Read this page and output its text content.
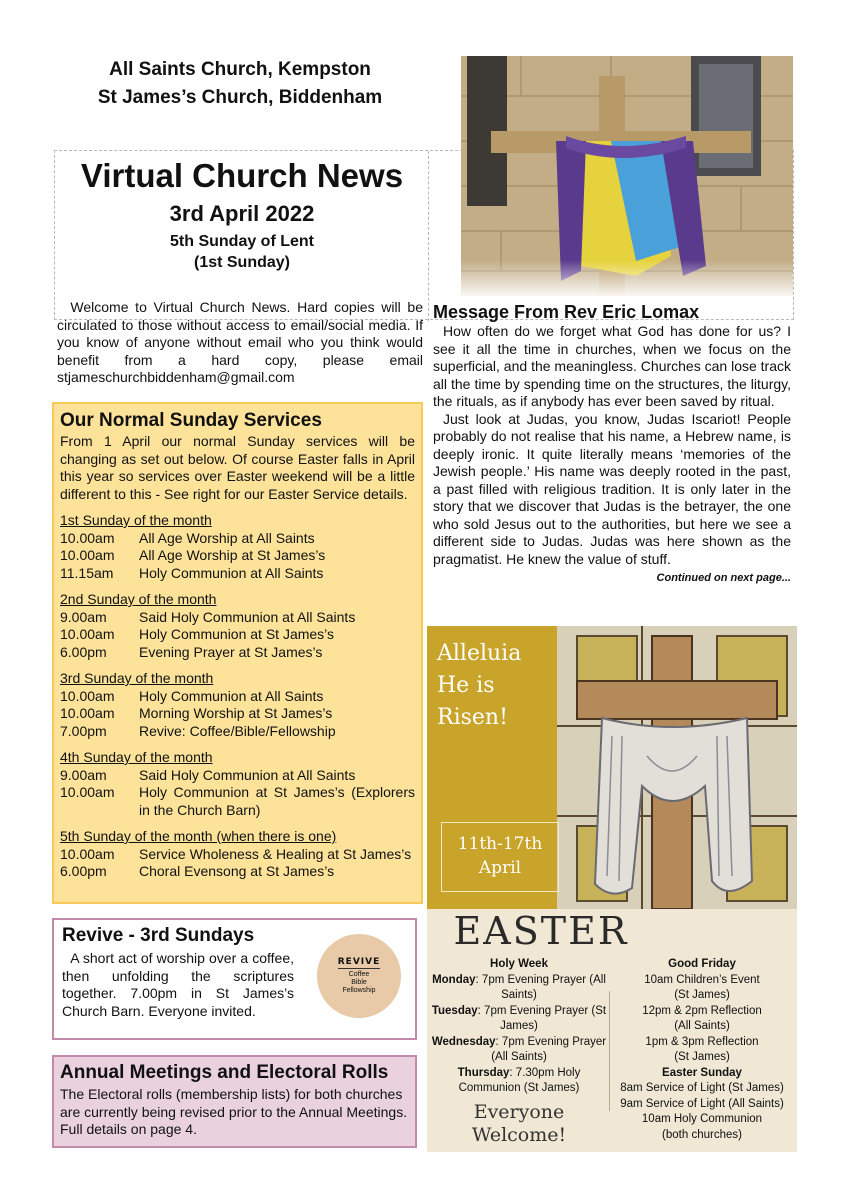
All Saints Church, Kempston
St James’s Church, Biddenham
Virtual Church News
3rd April 2022
5th Sunday of Lent
(1st Sunday)
Welcome to Virtual Church News. Hard copies will be circulated to those without access to email/social media. If you know of anyone without email who you think would benefit from a hard copy, please email stjameschurchbiddenham@gmail.com
Our Normal Sunday Services
From 1 April our normal Sunday services will be changing as set out below. Of course Easter falls in April this year so services over Easter weekend will be a little different to this - See right for our Easter Service details.
1st Sunday of the month
10.00am	All Age Worship at All Saints
10.00am	All Age Worship at St James’s
11.15am	Holy Communion at All Saints
2nd Sunday of the month
9.00am	Said Holy Communion at All Saints
10.00am	Holy Communion at St James’s
6.00pm	Evening Prayer at St James’s
3rd Sunday of the month
10.00am	Holy Communion at All Saints
10.00am	Morning Worship at St James’s
7.00pm	Revive: Coffee/Bible/Fellowship
4th Sunday of the month
9.00am	Said Holy Communion at All Saints
10.00am	Holy Communion at St James’s (Explorers in the Church Barn)
5th Sunday of the month (when there is one)
10.00am	Service Wholeness & Healing at St James’s
6.00pm	Choral Evensong at St James’s
Revive - 3rd Sundays
A short act of worship over a coffee, then unfolding the scriptures together. 7.00pm in St James’s Church Barn. Everyone invited.
REVIVE
Coffee
Bible
Fellowship
Annual Meetings and Electoral Rolls
The Electoral rolls (membership lists) for both churches are currently being revised prior to the Annual Meetings. Full details on page 4.
Message From Rev Eric Lomax

How often do we forget what God has done for us? I see it all the time in churches, when we focus on the superficial, and the meaningless. Churches can lose track all the time by spending time on the structures, the liturgy, the rituals, as if anybody has ever been saved by ritual.

Just look at Judas, you know, Judas Iscariot! People probably do not realise that his name, a Hebrew name, is deeply ironic. It quite literally means ‘memories of the Jewish people.’ His name was deeply rooted in the past, a past filled with religious tradition. It is only later in the story that we discover that Judas is the betrayer, the one who sold Jesus out to the authorities, but here we see a different side to Judas. Judas was here shown as the pragmatist. He knew the value of stuff.

Continued on next page...

Alleluia
He is
Risen!
11th-17th
April
EASTER
Holy Week
Monday: 7pm Evening Prayer (All Saints)
Tuesday: 7pm Evening Prayer (St James)
Wednesday: 7pm Evening Prayer (All Saints)
Thursday: 7.30pm Holy Communion (St James)
Everyone
Welcome!
Good Friday
10am Children’s Event
(St James)
12pm & 2pm Reflection
(All Saints)
1pm & 3pm Reflection
(St James)
Easter Sunday
8am Service of Light (St James)
9am Service of Light (All Saints)
10am Holy Communion
(both churches)
